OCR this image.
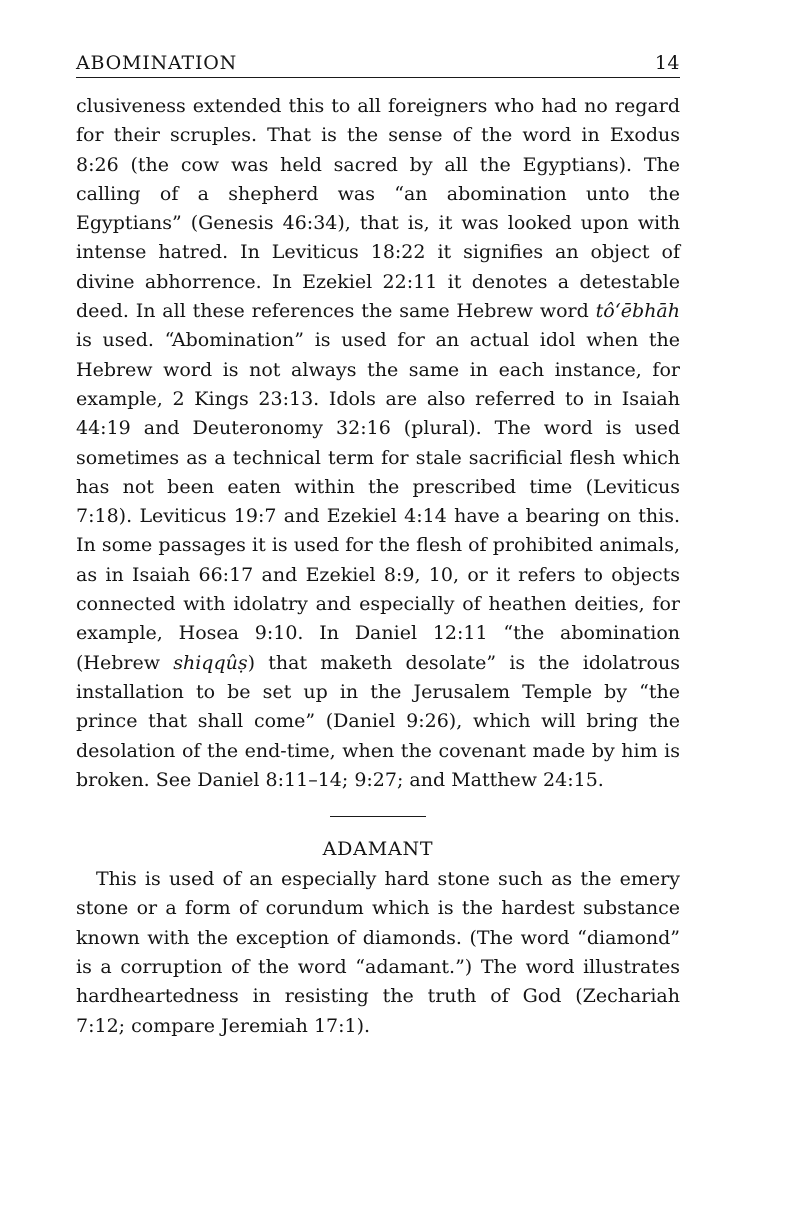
ABOMINATION	14

clusiveness extended this to all foreigners who had no regard for their scruples. That is the sense of the word in Exodus 8:26 (the cow was held sacred by all the Egyptians). The calling of a shepherd was “an abomination unto the Egyptians” (Genesis 46:34), that is, it was looked upon with intense hatred. In Leviticus 18:22 it signifies an object of divine abhorrence. In Ezekiel 22:11 it denotes a detestable deed. In all these references the same Hebrew word tô‘ēbhāh is used. “Abomination” is used for an actual idol when the Hebrew word is not always the same in each instance, for example, 2 Kings 23:13. Idols are also referred to in Isaiah 44:19 and Deuteronomy 32:16 (plural). The word is used sometimes as a technical term for stale sacrificial flesh which has not been eaten within the prescribed time (Leviticus 7:18). Leviticus 19:7 and Ezekiel 4:14 have a bearing on this. In some passages it is used for the flesh of prohibited animals, as in Isaiah 66:17 and Ezekiel 8:9, 10, or it refers to objects connected with idolatry and especially of heathen deities, for example, Hosea 9:10. In Daniel 12:11 “the abomination (Hebrew shiqqûṣ) that maketh desolate” is the idolatrous installation to be set up in the Jerusalem Temple by “the prince that shall come” (Daniel 9:26), which will bring the desolation of the end-time, when the covenant made by him is broken. See Daniel 8:11–14; 9:27; and Matthew 24:15.

ADAMANT

This is used of an especially hard stone such as the emery stone or a form of corundum which is the hardest substance known with the exception of diamonds. (The word “diamond” is a corruption of the word “adamant.”) The word illustrates hardheartedness in resisting the truth of God (Zechariah 7:12; compare Jeremiah 17:1).
